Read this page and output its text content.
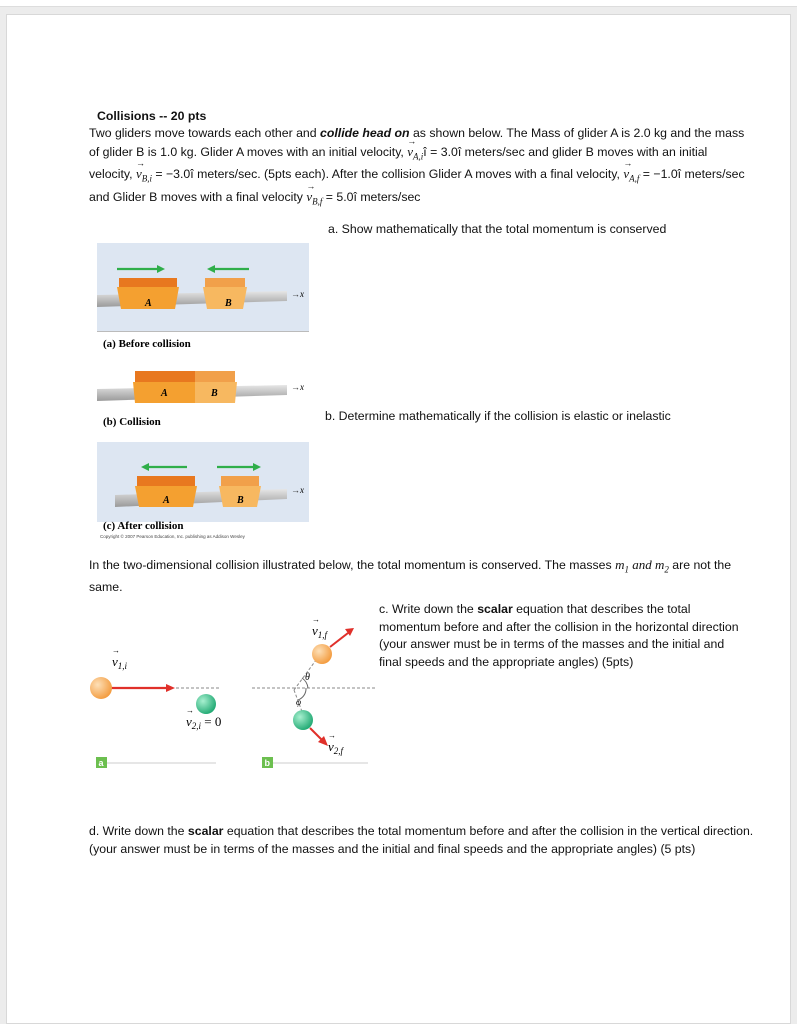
Collisions -- 20 pts
Two gliders move towards each other and collide head on as shown below. The Mass of glider A is 2.0 kg and the mass of glider B is 1.0 kg. Glider A moves with an initial velocity, → $v_{A,i}î$ = 3.0î meters/sec and glider B moves with an initial velocity, → $v_{B,i}$ = −3.0î meters/sec. (5pts each). After the collision Glider A moves with a final velocity, → $v_{A,f}$ = −1.0î meters/sec and Glider B moves with a final velocity → $v_{B,f}$ = 5.0î meters/sec
a. Show mathematically that the total momentum is conserved
b. Determine mathematically if the collision is elastic or inelastic
A	B
→ x
(a) Before collision
A	B
→ x
(b) Collision
A	B
→ x
(c) After collision
Copyright © 2007 Pearson Education, Inc. publishing as Addison Wesley
In the two-dimensional collision illustrated below, the total momentum is conserved. The masses $m_1$ and $m_2$ are not the same.
c. Write down the scalar equation that describes the total momentum before and after the collision in the horizontal direction (your answer must be in terms of the masses and the initial and final speeds and the appropriate angles) (5pts)
$v_{1,i}$
→
$v_{2,i} = 0$
→
a
$v_{1,f}$
→
$v_{2,f}$
→
θ
φ
b
d. Write down the scalar equation that describes the total momentum before and after the collision in the vertical direction. (your answer must be in terms of the masses and the initial and final speeds and the appropriate angles) (5 pts)
